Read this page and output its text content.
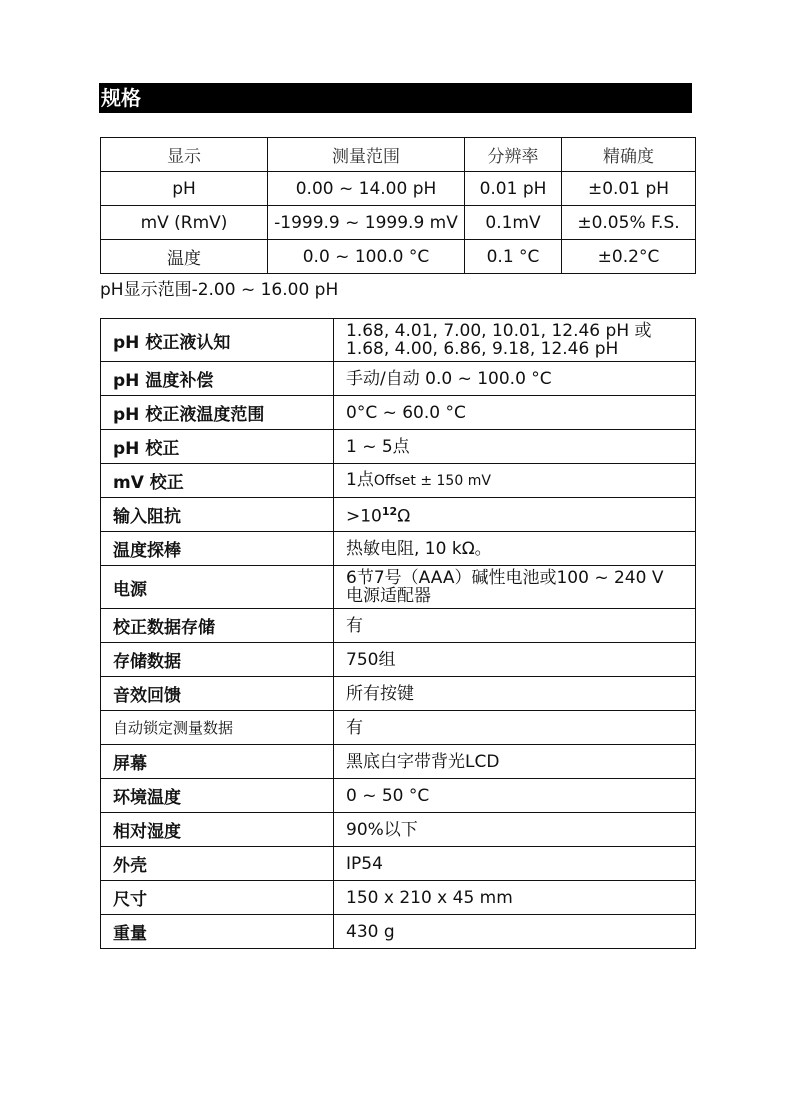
规格
显示	测量范围	分辨率	精确度
pH	0.00 ~ 14.00 pH	0.01 pH	±0.01 pH
mV (RmV)	-1999.9 ~ 1999.9 mV	0.1mV	±0.05% F.S.
温度	0.0 ~ 100.0 °C	0.1 °C	±0.2°C
pH显示范围-2.00 ~ 16.00 pH
pH 校正液认知	1.68, 4.01, 7.00, 10.01, 12.46 pH 或
1.68, 4.00, 6.86, 9.18, 12.46 pH

pH 温度补偿	手动/自动 0.0 ~ 100.0 °C
pH 校正液温度范围	0°C ~ 60.0 °C
pH 校正	1 ~ 5点
mV 校正	1点Offset ± 150 mV
输入阻抗	$>10^{12}\Omega$
温度探棒	热敏电阻, 10 kΩ。
电源	6节7号（AAA）碱性电池或100 ~ 240 V
电源适配器

校正数据存储	有
存储数据	750组
音效回馈	所有按键
自动锁定测量数据	有
屏幕	黑底白字带背光LCD
环境温度	0 ~ 50 °C
相对湿度	90%以下
外壳	IP54
尺寸	150 x 210 x 45 mm
重量	430 g
